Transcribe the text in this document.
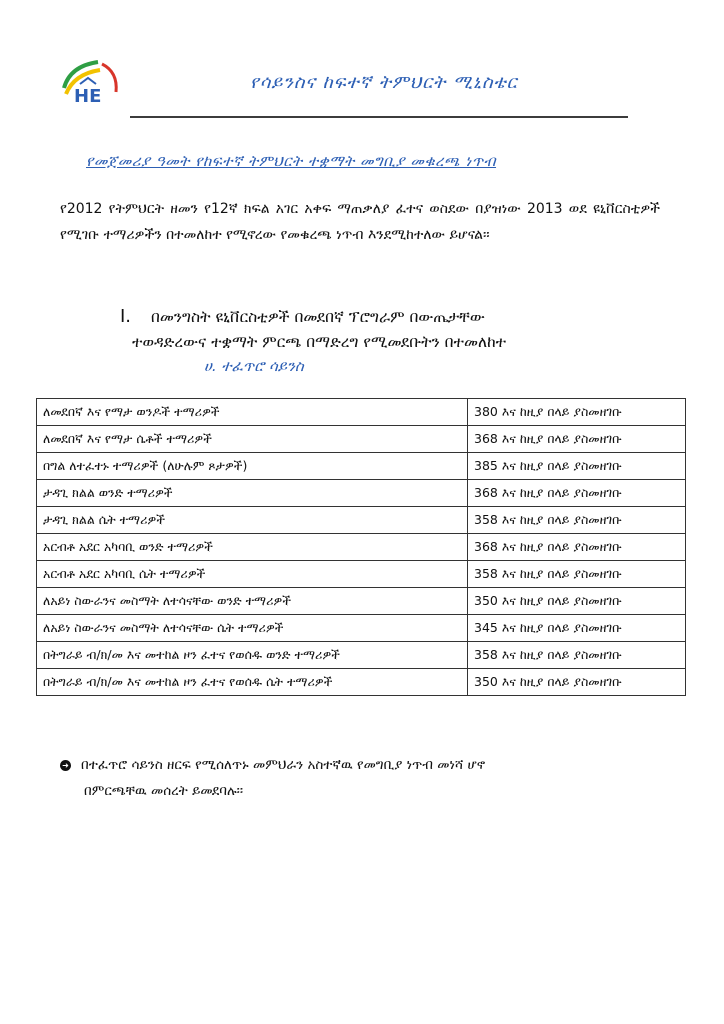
HE
የሳይንስና ከፍተኛ ትምህርት ሚኒስቴር
የመጀመሪያ ዓመት የከፍተኛ ትምህርት ተቋማት መግቢያ መቁረጫ ነጥብ

የ2012 የትምህርት ዘመን የ12ኛ ክፍል አገር አቀፍ ማጠቃለያ ፈተና ወስደው በያዝነው 2013 ወደ ዩኒቨርስቲዎች የሚገቡ ተማሪዎችን በተመለከተ የሚኖረው የመቁረጫ ነጥብ እንደሚከተለው ይሆናል፡፡

I. በመንግስት ዩኒቨርስቲዎች በመደበኛ ፕሮግራም በውጤታቸው
ተወዳድረውና ተቋማት ምርጫ በማድረግ የሚመደቡትን በተመለከተ
ሀ. ተፈጥሮ ሳይንስ
ለመደበኛ እና የማታ ወንዶች ተማሪዎች	380 እና ከዚያ በላይ ያስመዘገቡ
ለመደበኛ እና የማታ ሴቶች ተማሪዎች	368 እና ከዚያ በላይ ያስመዘገቡ
በግል ለተፈተኑ ተማሪዎች (ለሁሉም ጾታዎች)	385 እና ከዚያ በላይ ያስመዘገቡ
ታዳጊ ክልል ወንድ ተማሪዎች	368 እና ከዚያ በላይ ያስመዘገቡ
ታዳጊ ክልል ሴት ተማሪዎች	358 እና ከዚያ በላይ ያስመዘገቡ
አርብቶ አደር አካባቢ ወንድ ተማሪዎች	368 እና ከዚያ በላይ ያስመዘገቡ
አርብቶ አደር አካባቢ ሴት ተማሪዎች	358 እና ከዚያ በላይ ያስመዘገቡ
ለአይነ ስውራንና መስማት ለተሳናቸው ወንድ ተማሪዎች	350 እና ከዚያ በላይ ያስመዘገቡ
ለአይነ ስውራንና መስማት ለተሳናቸው ሴት ተማሪዎች	345 እና ከዚያ በላይ ያስመዘገቡ
በትግራይ ብ/ክ/መ እና መተከል ዞን ፈተና የወሰዱ ወንድ ተማሪዎች	358 እና ከዚያ በላይ ያስመዘገቡ
በትግራይ ብ/ክ/መ እና መተከል ዞን ፈተና የወሰዱ ሴት ተማሪዎች	350 እና ከዚያ በላይ ያስመዘገቡ
➜ በተፈጥሮ ሳይንስ ዘርፍ የሚሰለጥኑ መምህራን አስተኛዉ የመግቢያ ነጥብ መነሻ ሆኖ
በምርጫቸዉ መሰረት ይመደባሉ፡፡
